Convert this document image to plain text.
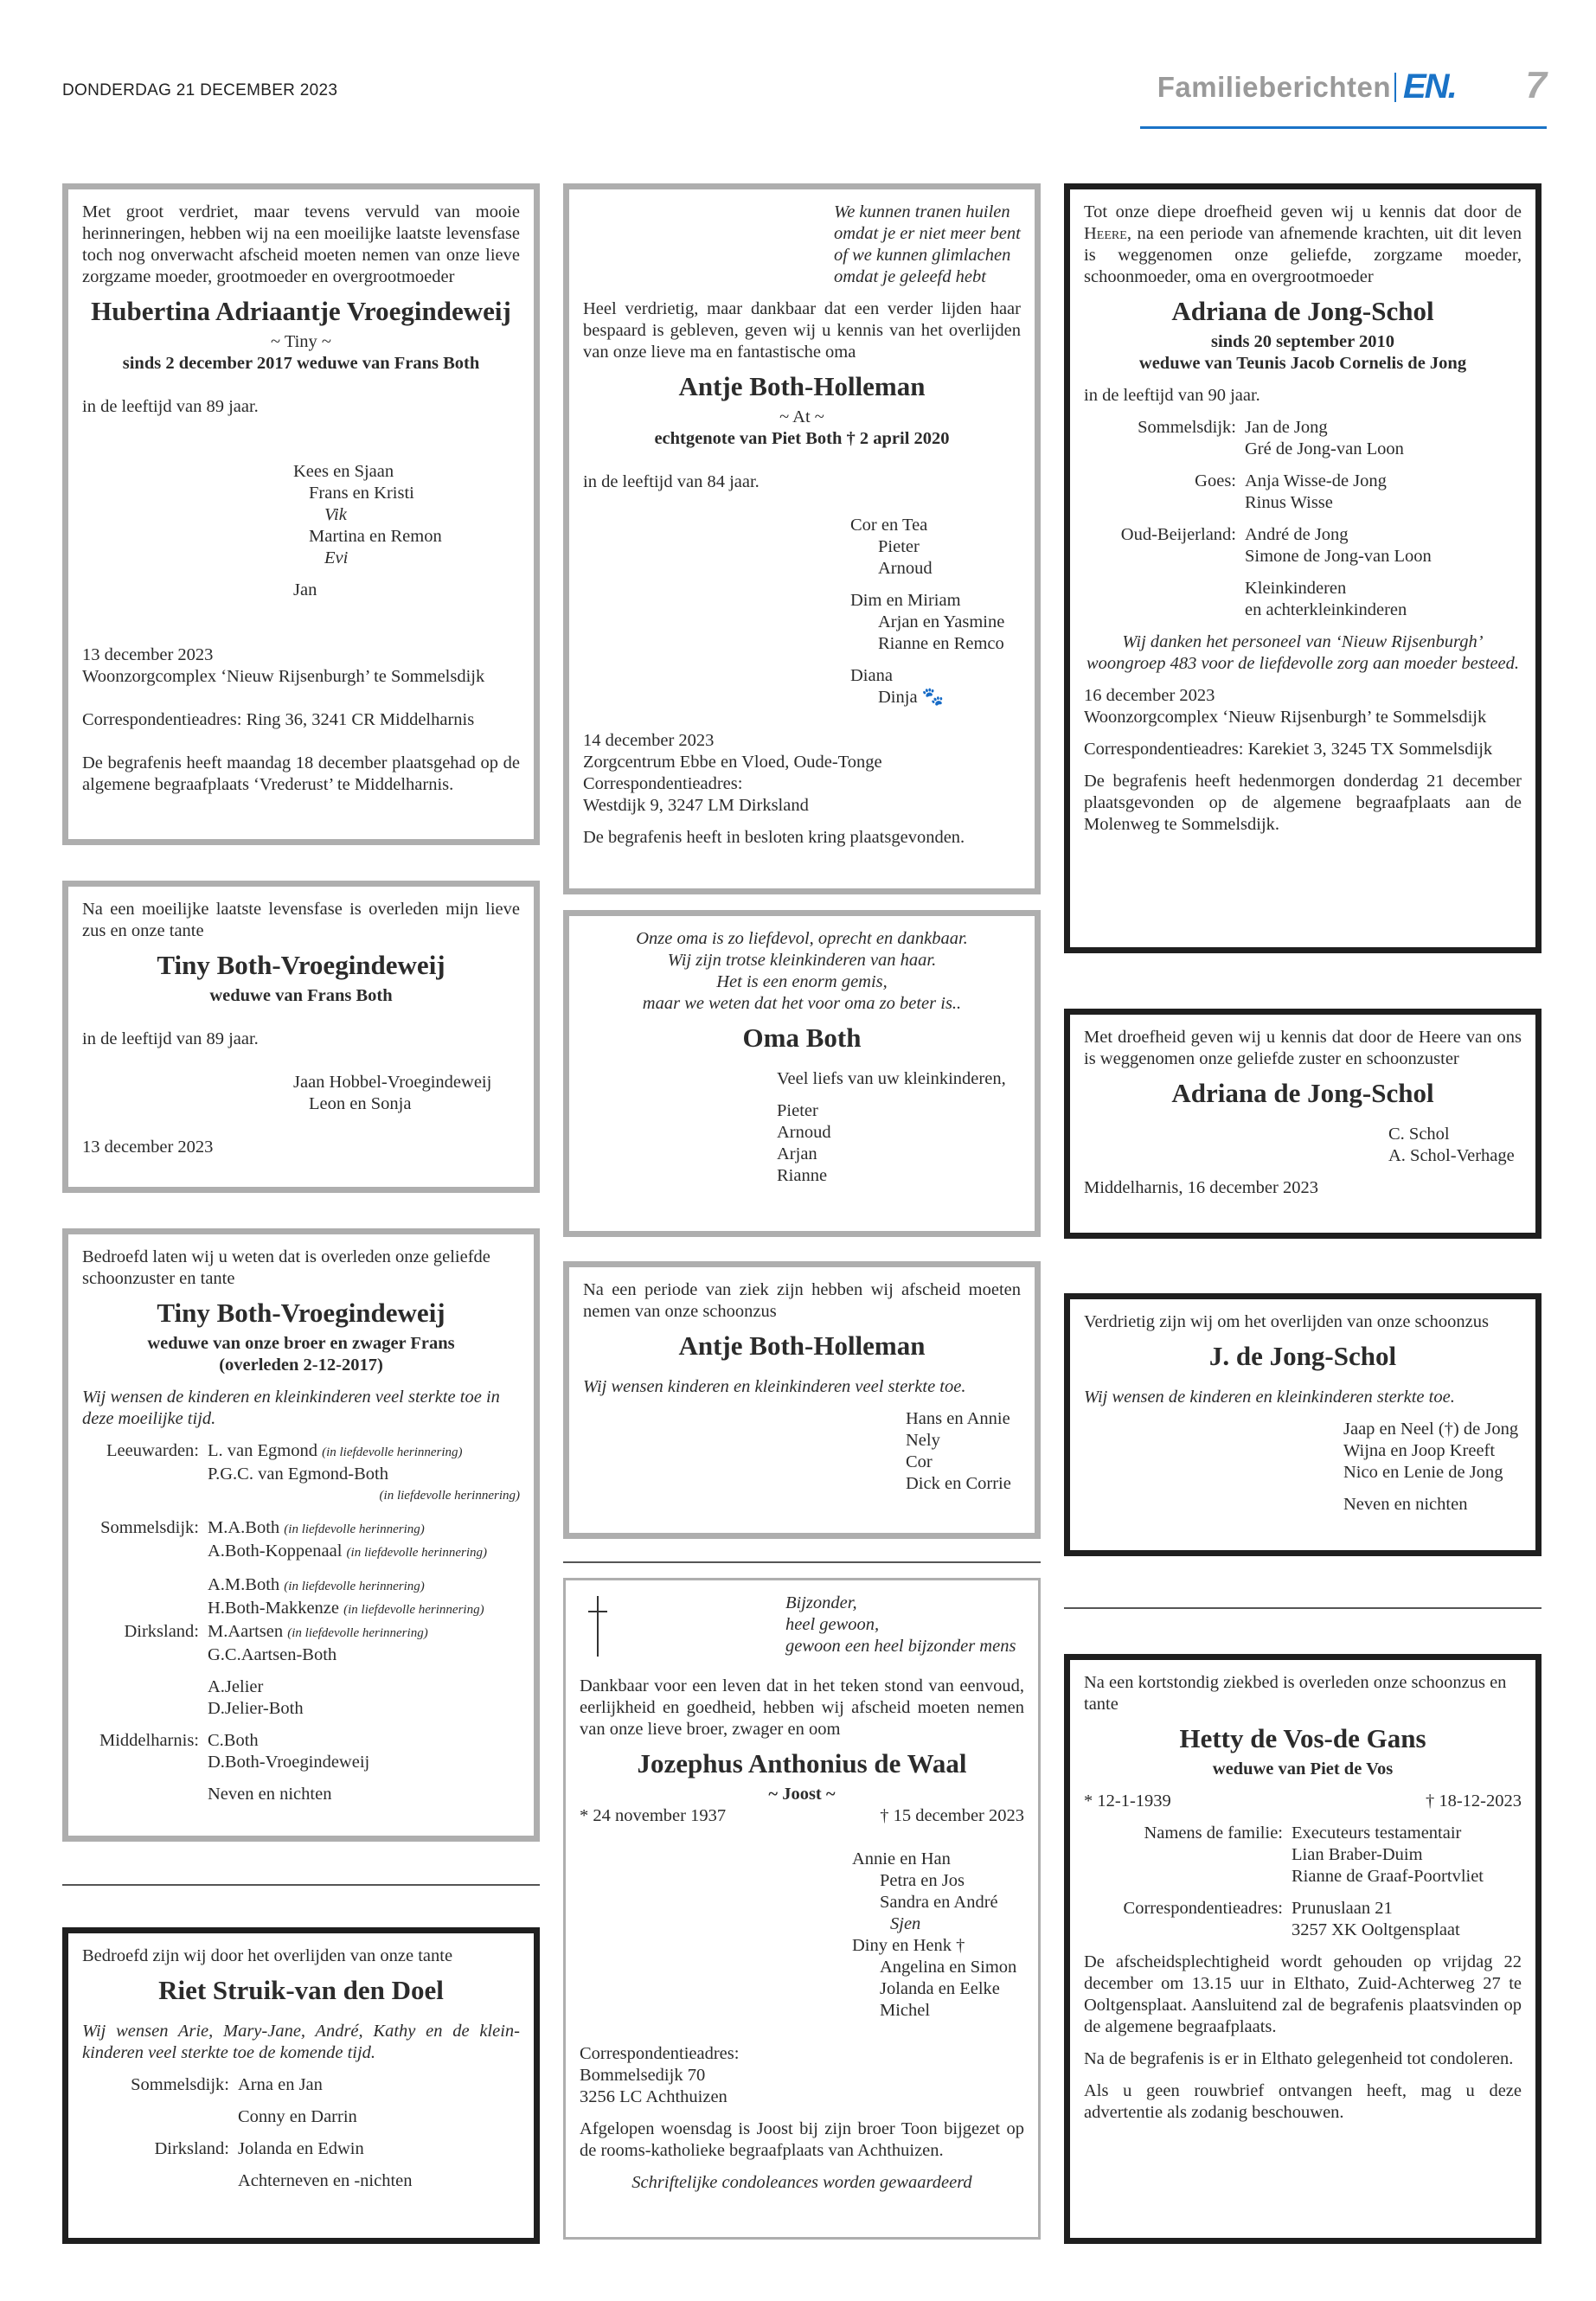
DONDERDAG 21 DECEMBER 2023	Familieberichten EN. 7

Met groot verdriet, maar tevens vervuld van mooie herinneringen, hebben wij na een moeilijke laatste levensfase toch nog onverwacht afscheid moeten nemen van onze lieve zorgzame moeder, grootmoeder en overgrootmoeder

Hubertina Adriaantje Vroegindeweij
~ Tiny ~
sinds 2 december 2017 weduwe van Frans Both

in de leeftijd van 89 jaar.

Kees en Sjaan
Frans en Kristi
Vik
Martina en Remon
Evi
Jan

13 december 2023

Woonzorgcomplex ‘Nieuw Rijsenburgh’ te Sommelsdijk

Correspondentieadres: Ring 36, 3241 CR Middelharnis

De begrafenis heeft maandag 18 december plaatsgehad op de algemene begraafplaats ‘Vrederust’ te Middelharnis.

Na een moeilijke laatste levensfase is overleden mijn lieve zus en onze tante

Tiny Both-Vroegindeweij
weduwe van Frans Both

in de leeftijd van 89 jaar.

Jaan Hobbel-Vroegindeweij
Leon en Sonja

13 december 2023

Bedroefd laten wij u weten dat is overleden onze geliefde schoonzuster en tante

Tiny Both-Vroegindeweij
weduwe van onze broer en zwager Frans
(overleden 2-12-2017)

Wij wensen de kinderen en kleinkinderen veel sterkte toe in deze moeilijke tijd.

Leeuwarden: L. van Egmond (in liefdevolle herinnering)
P.G.C. van Egmond-Both
(in liefdevolle herinnering)
Sommelsdijk: M.A.Both (in liefdevolle herinnering)
A.Both-Koppenaal (in liefdevolle herinnering)
A.M.Both (in liefdevolle herinnering)
H.Both-Makkenze (in liefdevolle herinnering)
Dirksland: M.Aartsen (in liefdevolle herinnering)
G.C.Aartsen-Both
A.Jelier
D.Jelier-Both
Middelharnis: C.Both
D.Both-Vroegindeweij
Neven en nichten

Bedroefd zijn wij door het overlijden van onze tante

Riet Struik-van den Doel

Wij wensen Arie, Mary-Jane, André, Kathy en de klein-kinderen veel sterkte toe de komende tijd.

Sommelsdijk: Arna en Jan
Conny en Darrin
Dirksland: Jolanda en Edwin
Achterneven en -nichten
We kunnen tranen huilen
omdat je er niet meer bent
of we kunnen glimlachen
omdat je geleefd hebt

Heel verdrietig, maar dankbaar dat een verder lijden haar bespaard is gebleven, geven wij u kennis van het overlijden van onze lieve ma en fantastische oma

Antje Both-Holleman
~ At ~
echtgenote van Piet Both † 2 april 2020

in de leeftijd van 84 jaar.

Cor en Tea
Pieter
Arnoud
Dim en Miriam
Arjan en Yasmine
Rianne en Remco
Diana
Dinja 🐾

14 december 2023

Zorgcentrum Ebbe en Vloed, Oude-Tonge

Correspondentieadres:

Westdijk 9, 3247 LM Dirksland

De begrafenis heeft in besloten kring plaatsgevonden.

Onze oma is zo liefdevol, oprecht en dankbaar.
Wij zijn trotse kleinkinderen van haar.
Het is een enorm gemis,
maar we weten dat het voor oma zo beter is..
Oma Both
Veel liefs van uw kleinkinderen,
Pieter
Arnoud
Arjan
Rianne

Na een periode van ziek zijn hebben wij afscheid moeten nemen van onze schoonzus

Antje Both-Holleman

Wij wensen kinderen en kleinkinderen veel sterkte toe.

Hans en Annie
Nely
Cor
Dick en Corrie
Bijzonder,
heel gewoon,
gewoon een heel bijzonder mens

Dankbaar voor een leven dat in het teken stond van eenvoud, eerlijkheid en goedheid, hebben wij afscheid moeten nemen van onze lieve broer, zwager en oom

Jozephus Anthonius de Waal
~ Joost ~
* 24 november 1937	† 15 december 2023
Annie en Han
Petra en Jos
Sandra en André
Sjen
Diny en Henk †
Angelina en Simon
Jolanda en Eelke
Michel

Correspondentieadres:

Bommelsedijk 70

3256 LC Achthuizen

Afgelopen woensdag is Joost bij zijn broer Toon bijgezet op de rooms-katholieke begraafplaats van Achthuizen.

Schriftelijke condoleances worden gewaardeerd

Tot onze diepe droefheid geven wij u kennis dat door de Heere, na een periode van afnemende krachten, uit dit leven is weggenomen onze geliefde, zorgzame moeder, schoonmoeder, oma en overgrootmoeder

Adriana de Jong-Schol
sinds 20 september 2010
weduwe van Teunis Jacob Cornelis de Jong

in de leeftijd van 90 jaar.

Sommelsdijk: Jan de Jong
Gré de Jong-van Loon
Goes: Anja Wisse-de Jong
Rinus Wisse
Oud-Beijerland: André de Jong
Simone de Jong-van Loon
Kleinkinderen
en achterkleinkinderen

Wij danken het personeel van ‘Nieuw Rijsenburgh’ woongroep 483 voor de liefdevolle zorg aan moeder besteed.

16 december 2023

Woonzorgcomplex ‘Nieuw Rijsenburgh’ te Sommelsdijk

Correspondentieadres: Karekiet 3, 3245 TX Sommelsdijk

De begrafenis heeft hedenmorgen donderdag 21 december plaatsgevonden op de algemene begraafplaats aan de Molenweg te Sommelsdijk.

Met droefheid geven wij u kennis dat door de Heere van ons is weggenomen onze geliefde zuster en schoonzuster

Adriana de Jong-Schol
C. Schol
A. Schol-Verhage

Middelharnis, 16 december 2023

Verdrietig zijn wij om het overlijden van onze schoonzus

J. de Jong-Schol

Wij wensen de kinderen en kleinkinderen sterkte toe.

Jaap en Neel (†) de Jong
Wijna en Joop Kreeft
Nico en Lenie de Jong
Neven en nichten

Na een kortstondig ziekbed is overleden onze schoonzus en tante

Hetty de Vos-de Gans
weduwe van Piet de Vos
* 12-1-1939	† 18-12-2023
Namens de familie: Executeurs testamentair
Lian Braber-Duim
Rianne de Graaf-Poortvliet
Correspondentieadres: Prunuslaan 21
3257 XK Ooltgensplaat

De afscheidsplechtigheid wordt gehouden op vrijdag 22 december om 13.15 uur in Elthato, Zuid-Achterweg 27 te Ooltgensplaat. Aansluitend zal de begrafenis plaatsvinden op de algemene begraafplaats.

Na de begrafenis is er in Elthato gelegenheid tot condoleren.

Als u geen rouwbrief ontvangen heeft, mag u deze advertentie als zodanig beschouwen.
